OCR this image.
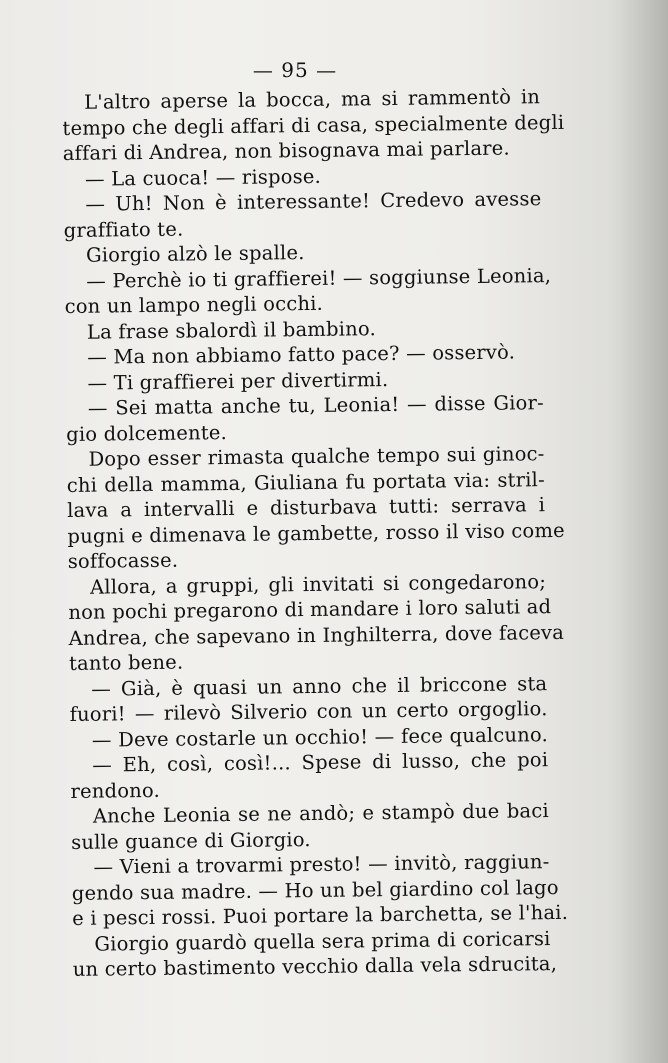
— 95 —
L'altro aperse la bocca, ma si rammentò in
tempo che degli affari di casa, specialmente degli
affari di Andrea, non bisognava mai parlare.
— La cuoca! — rispose.
— Uh! Non è interessante! Credevo avesse
graffiato te.
Giorgio alzò le spalle.
— Perchè io ti graffierei! — soggiunse Leonia,
con un lampo negli occhi.
La frase sbalordì il bambino.
— Ma non abbiamo fatto pace? — osservò.
— Ti graffierei per divertirmi.
— Sei matta anche tu, Leonia! — disse Gior-
gio dolcemente.
Dopo esser rimasta qualche tempo sui ginoc-
chi della mamma, Giuliana fu portata via: stril-
lava a intervalli e disturbava tutti: serrava i
pugni e dimenava le gambette, rosso il viso come
soffocasse.
Allora, a gruppi, gli invitati si congedarono;
non pochi pregarono di mandare i loro saluti ad
Andrea, che sapevano in Inghilterra, dove faceva
tanto bene.
— Già, è quasi un anno che il briccone sta
fuori! — rilevò Silverio con un certo orgoglio.
— Deve costarle un occhio! — fece qualcuno.
— Eh, così, così!... Spese di lusso, che poi
rendono.
Anche Leonia se ne andò; e stampò due baci
sulle guance di Giorgio.
— Vieni a trovarmi presto! — invitò, raggiun-
gendo sua madre. — Ho un bel giardino col lago
e i pesci rossi. Puoi portare la barchetta, se l'hai.
Giorgio guardò quella sera prima di coricarsi
un certo bastimento vecchio dalla vela sdrucita,
